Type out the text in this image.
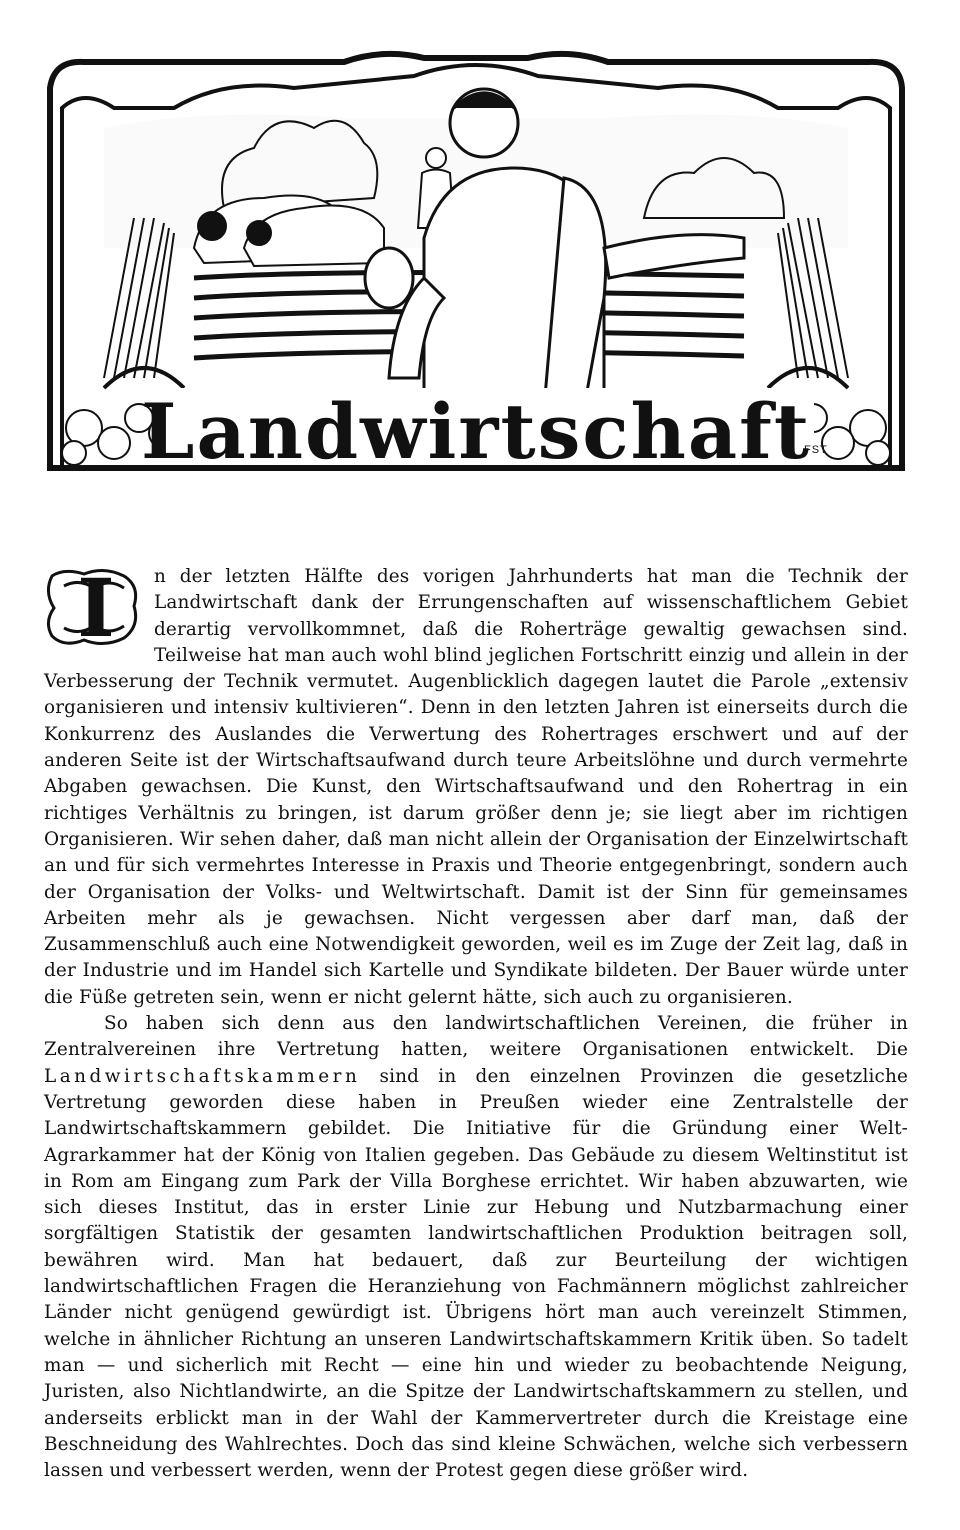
Landwirtschaft
FST
I	n der letzten Hälfte des vorigen Jahrhunderts hat man die Technik der Landwirtschaft dank der Errungenschaften auf wissenschaftlichem Gebiet derartig vervollkommnet, daß die Roherträge gewaltig gewachsen sind. Teilweise hat man auch wohl blind jeglichen Fortschritt einzig und allein in der Verbesserung der Technik vermutet. Augenblicklich dagegen lautet die Parole „extensiv organisieren und intensiv kultivieren“. Denn in den letzten Jahren ist einerseits durch die Konkurrenz des Auslandes die Verwertung des Rohertrages erschwert und auf der anderen Seite ist der Wirtschaftsaufwand durch teure Arbeitslöhne und durch vermehrte Abgaben gewachsen. Die Kunst, den Wirtschaftsaufwand und den Rohertrag in ein richtiges Verhältnis zu bringen, ist darum größer denn je; sie liegt aber im richtigen Organisieren. Wir sehen daher, daß man nicht allein der Organisation der Einzelwirtschaft an und für sich vermehrtes Interesse in Praxis und Theorie entgegenbringt, sondern auch der Organisation der Volks- und Weltwirtschaft. Damit ist der Sinn für gemeinsames Arbeiten mehr als je gewachsen. Nicht vergessen aber darf man, daß der Zusammenschluß auch eine Notwendigkeit geworden, weil es im Zuge der Zeit lag, daß in der Industrie und im Handel sich Kartelle und Syndikate bildeten. Der Bauer würde unter die Füße getreten sein, wenn er nicht gelernt hätte, sich auch zu organisieren.

So haben sich denn aus den landwirtschaftlichen Vereinen, die früher in Zentralvereinen ihre Vertretung hatten, weitere Organisationen entwickelt. Die Landwirtschaftskammern sind in den einzelnen Provinzen die gesetzliche Vertretung geworden diese haben in Preußen wieder eine Zentralstelle der Landwirtschaftskammern gebildet. Die Initiative für die Gründung einer Welt-Agrarkammer hat der König von Italien gegeben. Das Gebäude zu diesem Weltinstitut ist in Rom am Eingang zum Park der Villa Borghese errichtet. Wir haben abzuwarten, wie sich dieses Institut, das in erster Linie zur Hebung und Nutzbarmachung einer sorgfältigen Statistik der gesamten landwirtschaftlichen Produktion beitragen soll, bewähren wird. Man hat bedauert, daß zur Beurteilung der wichtigen landwirtschaftlichen Fragen die Heranziehung von Fachmännern möglichst zahlreicher Länder nicht genügend gewürdigt ist. Übrigens hört man auch vereinzelt Stimmen, welche in ähnlicher Richtung an unseren Landwirtschaftskammern Kritik üben. So tadelt man — und sicherlich mit Recht — eine hin und wieder zu beobachtende Neigung, Juristen, also Nichtlandwirte, an die Spitze der Landwirtschaftskammern zu stellen, und anderseits erblickt man in der Wahl der Kammervertreter durch die Kreistage eine Beschneidung des Wahlrechtes. Doch das sind kleine Schwächen, welche sich verbessern lassen und verbessert werden, wenn der Protest gegen diese größer wird.
